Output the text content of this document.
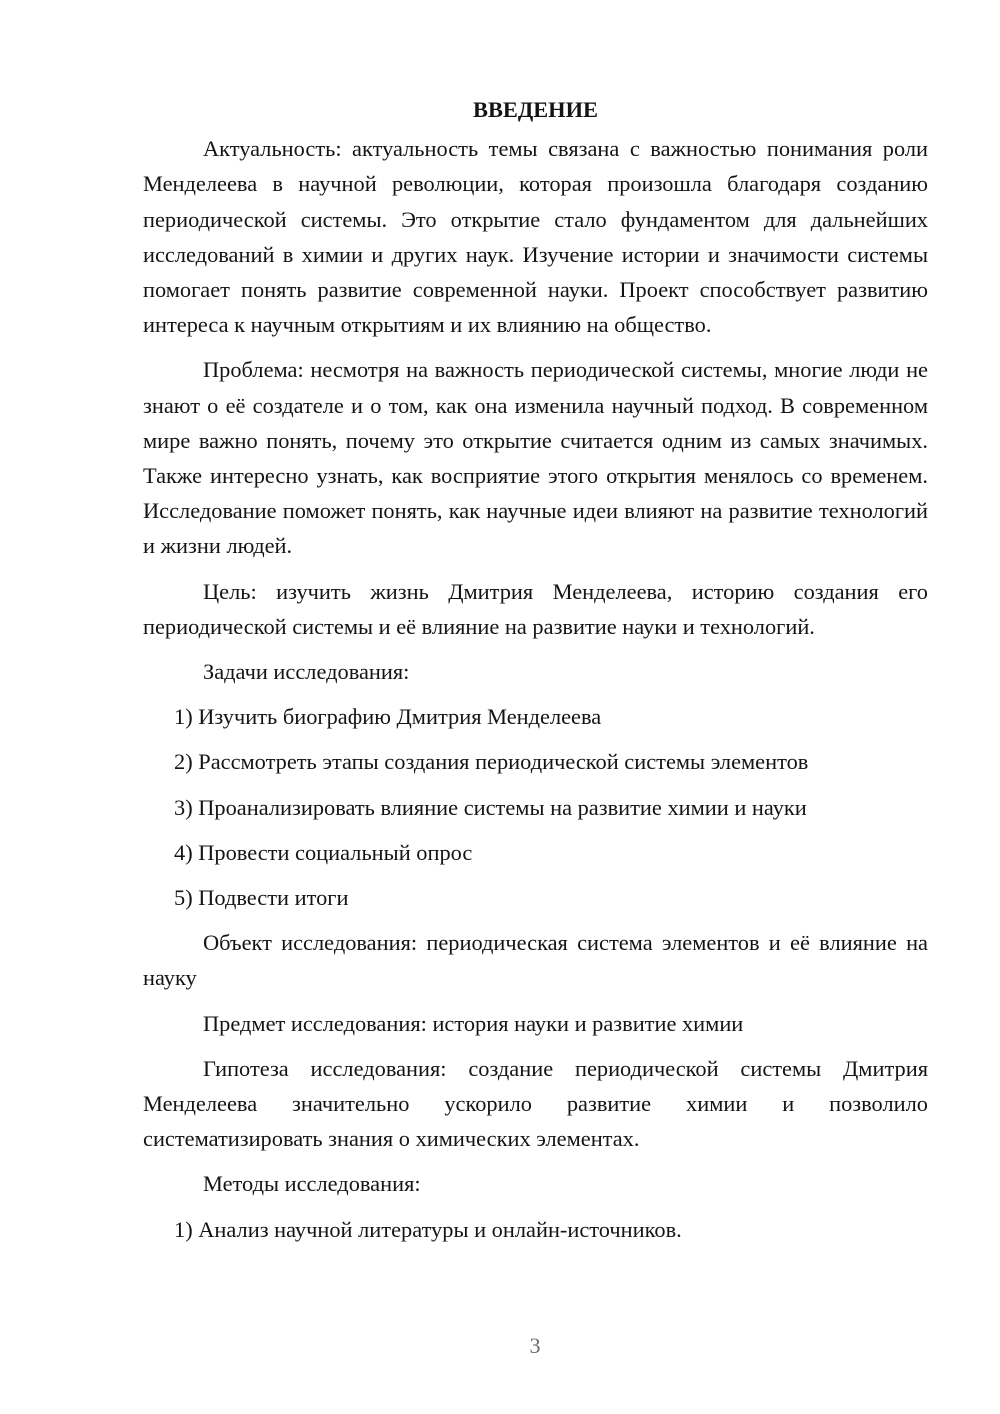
ВВЕДЕНИЕ

Актуальность: актуальность темы связана с важностью понимания роли Менделеева в научной революции, которая произошла благодаря созданию периодической системы. Это открытие стало фундаментом для дальнейших исследований в химии и других наук. Изучение истории и значимости системы помогает понять развитие современной науки. Проект способствует развитию интереса к научным открытиям и их влиянию на общество.

Проблема: несмотря на важность периодической системы, многие люди не знают о её создателе и о том, как она изменила научный подход. В современном мире важно понять, почему это открытие считается одним из самых значимых. Также интересно узнать, как восприятие этого открытия менялось со временем. Исследование поможет понять, как научные идеи влияют на развитие технологий и жизни людей.

Цель: изучить жизнь Дмитрия Менделеева, историю создания его периодической системы и её влияние на развитие науки и технологий.

Задачи исследования:

1) Изучить биографию Дмитрия Менделеева
2) Рассмотреть этапы создания периодической системы элементов
3) Проанализировать влияние системы на развитие химии и науки
4) Провести социальный опрос
5) Подвести итоги

Объект исследования: периодическая система элементов и её влияние на науку

Предмет исследования: история науки и развитие химии

Гипотеза исследования: создание периодической системы Дмитрия Менделеева значительно ускорило развитие химии и позволило систематизировать знания о химических элементах.

Методы исследования:

1) Анализ научной литературы и онлайн-источников.
3
